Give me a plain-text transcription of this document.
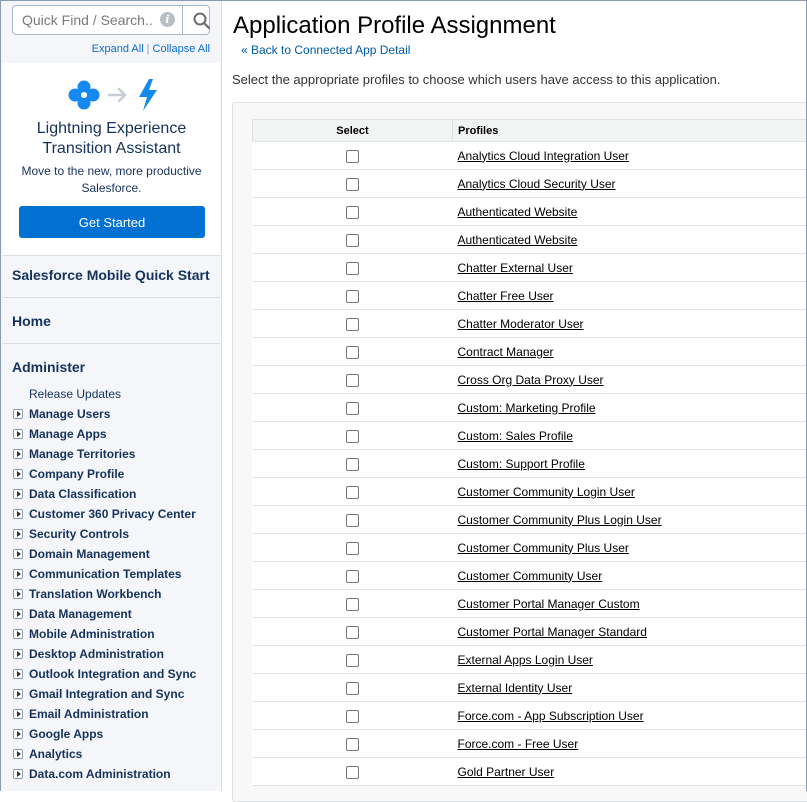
Quick Find / Search...
i
Expand All | Collapse All
Lightning Experience
Transition Assistant
Move to the new, more productive
Salesforce.
Get Started
Salesforce Mobile Quick Start
Home
Administer
Release Updates
Manage Users
Manage Apps
Manage Territories
Company Profile
Data Classification
Customer 360 Privacy Center
Security Controls
Domain Management
Communication Templates
Translation Workbench
Data Management
Mobile Administration
Desktop Administration
Outlook Integration and Sync
Gmail Integration and Sync
Email Administration
Google Apps
Analytics
Data.com Administration
Application Profile Assignment
« Back to Connected App Detail
Select the appropriate profiles to choose which users have access to this application.
Select	Profiles
	Analytics Cloud Integration User
	Analytics Cloud Security User
	Authenticated Website
	Authenticated Website
	Chatter External User
	Chatter Free User
	Chatter Moderator User
	Contract Manager
	Cross Org Data Proxy User
	Custom: Marketing Profile
	Custom: Sales Profile
	Custom: Support Profile
	Customer Community Login User
	Customer Community Plus Login User
	Customer Community Plus User
	Customer Community User
	Customer Portal Manager Custom
	Customer Portal Manager Standard
	External Apps Login User
	External Identity User
	Force.com - App Subscription User
	Force.com - Free User
	Gold Partner User
